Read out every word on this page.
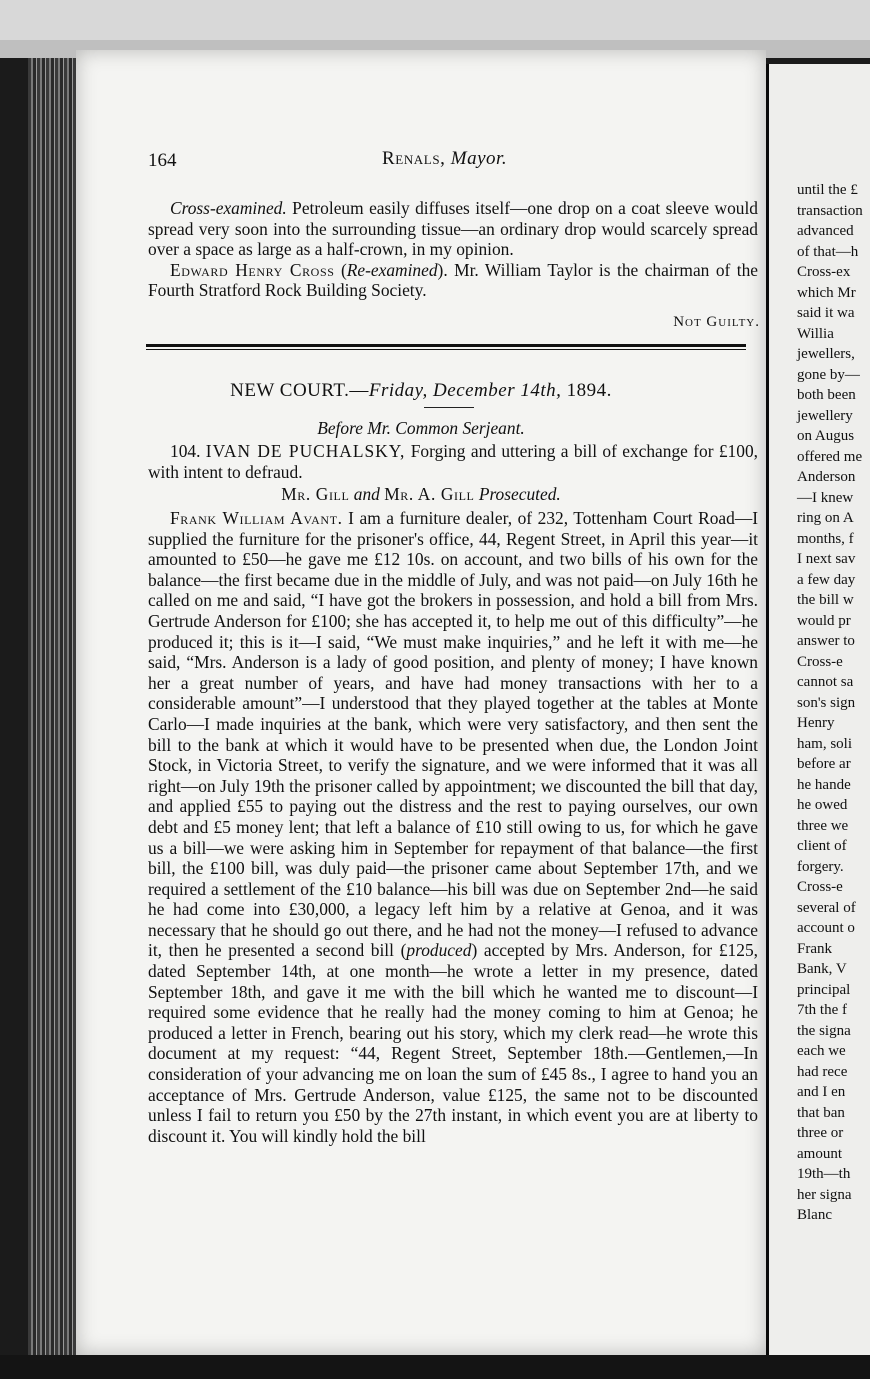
until the £
transaction
advanced
of that—h
Cross-ex
which Mr
said it wa
Willia
jewellers,
gone by—
both been
jewellery
on Augus
offered me
Anderson
—I knew
ring on A
months, f
I next sav
a few day
the bill w
would pr
answer to
Cross-e
cannot sa
son's sign
Henry
ham, soli
before ar
he hande
he owed
three we
client of
forgery.
Cross-e
several of
account o
Frank
Bank, V
principal
7th the f
the signa
each we
had rece
and I en
that ban
three or
amount
19th—th
her signa
Blanc
164	Renals, Mayor.

Cross-examined. Petroleum easily diffuses itself—one drop on a coat sleeve would spread very soon into the surrounding tissue—an ordinary drop would scarcely spread over a space as large as a half-crown, in my opinion.

Edward Henry Cross (Re-examined). Mr. William Taylor is the chairman of the Fourth Stratford Rock Building Society.

Not Guilty.
NEW COURT.—Friday, December 14th, 1894.
Before Mr. Common Serjeant.

104. IVAN DE PUCHALSKY, Forging and uttering a bill of exchange for £100, with intent to defraud.

Mr. Gill and Mr. A. Gill Prosecuted.

Frank William Avant. I am a furniture dealer, of 232, Tottenham Court Road—I supplied the furniture for the prisoner's office, 44, Regent Street, in April this year—it amounted to £50—he gave me £12 10s. on account, and two bills of his own for the balance—the first became due in the middle of July, and was not paid—on July 16th he called on me and said, “I have got the brokers in possession, and hold a bill from Mrs. Gertrude Anderson for £100; she has accepted it, to help me out of this difficulty”—he produced it; this is it—I said, “We must make inquiries,” and he left it with me—he said, “Mrs. Anderson is a lady of good position, and plenty of money; I have known her a great number of years, and have had money transactions with her to a considerable amount”—I understood that they played together at the tables at Monte Carlo—I made inquiries at the bank, which were very satisfactory, and then sent the bill to the bank at which it would have to be presented when due, the London Joint Stock, in Victoria Street, to verify the signature, and we were informed that it was all right—on July 19th the prisoner called by appointment; we discounted the bill that day, and applied £55 to paying out the distress and the rest to paying ourselves, our own debt and £5 money lent; that left a balance of £10 still owing to us, for which he gave us a bill—we were asking him in September for repayment of that balance—the first bill, the £100 bill, was duly paid—the prisoner came about September 17th, and we required a settlement of the £10 balance—his bill was due on September 2nd—he said he had come into £30,000, a legacy left him by a relative at Genoa, and it was necessary that he should go out there, and he had not the money—I refused to advance it, then he presented a second bill (produced) accepted by Mrs. Anderson, for £125, dated September 14th, at one month—he wrote a letter in my presence, dated September 18th, and gave it me with the bill which he wanted me to discount—I required some evidence that he really had the money coming to him at Genoa; he produced a letter in French, bearing out his story, which my clerk read—he wrote this document at my request: “44, Regent Street, September 18th.—Gentlemen,—In consideration of your advancing me on loan the sum of £45 8s., I agree to hand you an acceptance of Mrs. Gertrude Anderson, value £125, the same not to be discounted unless I fail to return you £50 by the 27th instant, in which event you are at liberty to discount it. You will kindly hold the bill
